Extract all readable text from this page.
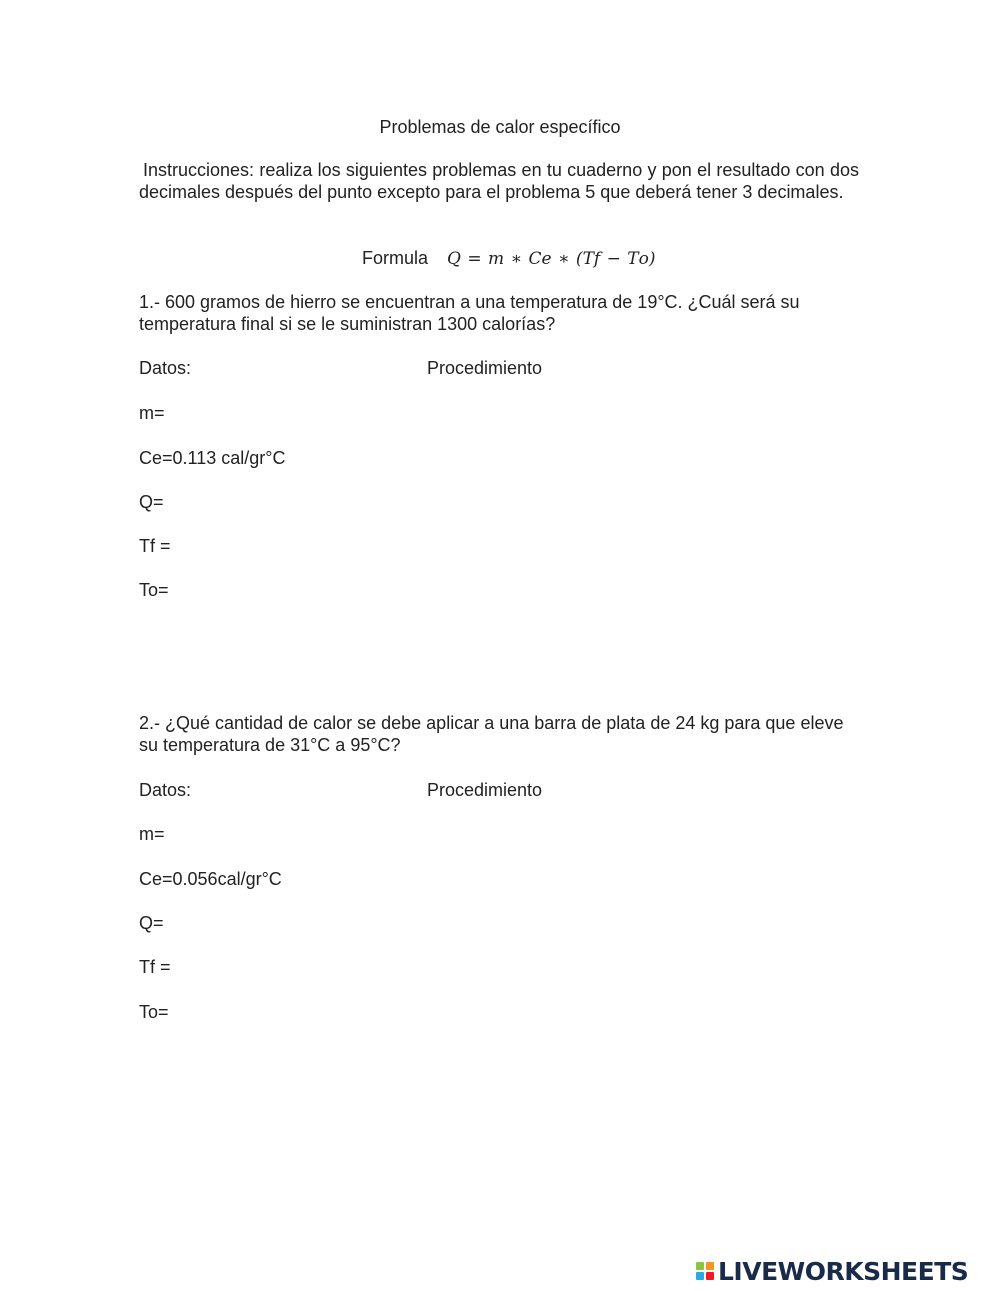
Problemas de calor específico
Instrucciones: realiza los siguientes problemas en tu cuaderno y pon el resultado con dos decimales después del punto excepto para el problema 5 que deberá tener 3 decimales.
Formula 𝑄 = 𝑚 ∗ 𝐶𝑒 ∗ (𝑇𝑓 − 𝑇𝑜)
1.- 600 gramos de hierro se encuentran a una temperatura de 19°C. ¿Cuál será su temperatura final si se le suministran 1300 calorías?
Datos:	Procedimiento
m=
Ce=0.113 cal/gr°C
Q=
Tf =
To=
2.- ¿Qué cantidad de calor se debe aplicar a una barra de plata de 24 kg para que eleve su temperatura de 31°C a 95°C?
Datos:	Procedimiento
m=
Ce=0.056cal/gr°C
Q=
Tf =
To=
LIVEWORKSHEETS
